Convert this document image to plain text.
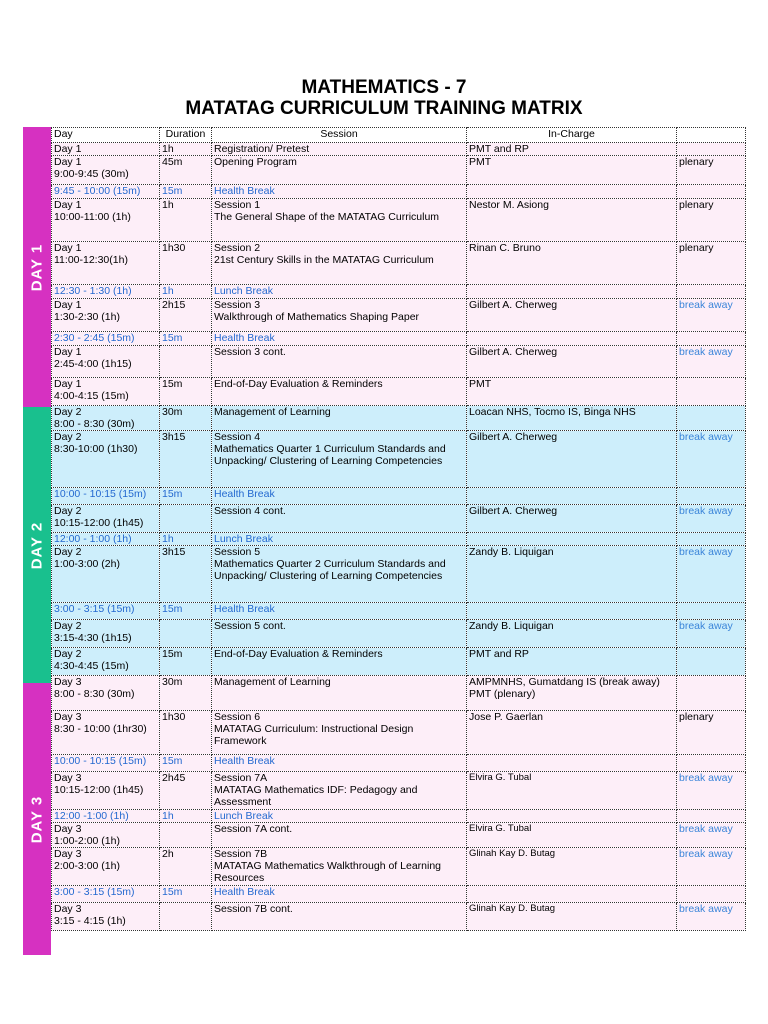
MATHEMATICS - 7
MATATAG CURRICULUM TRAINING MATRIX
DAY 1
DAY 2
DAY 3
Day	Duration	Session	In-Charge	
Day 1	1h	Registration/ Pretest	PMT and RP	
Day 1
9:00-9:45 (30m)	45m	Opening Program	PMT	plenary
9:45 - 10:00 (15m)	15m	Health Break		
Day 1
10:00-11:00 (1h)	1h	Session 1
The General Shape of the MATATAG Curriculum	Nestor M. Asiong	plenary
Day 1
11:00-12:30(1h)	1h30	Session 2
21st Century Skills in the MATATAG Curriculum	Rinan C. Bruno	plenary
12:30 - 1:30 (1h)	1h	Lunch Break		
Day 1
1:30-2:30 (1h)	2h15	Session 3
Walkthrough of Mathematics Shaping Paper	Gilbert A. Cherweg	break away
2:30 - 2:45 (15m)	15m	Health Break		
Day 1
2:45-4:00 (1h15)		Session 3 cont.	Gilbert A. Cherweg	break away
Day 1
4:00-4:15 (15m)	15m	End-of-Day Evaluation & Reminders	PMT	
Day 2
8:00 - 8:30 (30m)	30m	Management of Learning	Loacan NHS, Tocmo IS, Binga NHS	
Day 2
8:30-10:00 (1h30)	3h15	Session 4
Mathematics Quarter 1 Curriculum Standards and Unpacking/ Clustering of Learning Competencies	Gilbert A. Cherweg	break away
10:00 - 10:15 (15m)	15m	Health Break		
Day 2
10:15-12:00 (1h45)		Session 4 cont.	Gilbert A. Cherweg	break away
12:00 - 1:00 (1h)	1h	Lunch Break		
Day 2
1:00-3:00 (2h)	3h15	Session 5
Mathematics Quarter 2 Curriculum Standards and Unpacking/ Clustering of Learning Competencies	Zandy B. Liquigan	break away
3:00 - 3:15 (15m)	15m	Health Break		
Day 2
3:15-4:30 (1h15)		Session 5 cont.	Zandy B. Liquigan	break away
Day 2
4:30-4:45 (15m)	15m	End-of-Day Evaluation & Reminders	PMT and RP	
Day 3
8:00 - 8:30 (30m)	30m	Management of Learning	AMPMNHS, Gumatdang IS (break away)
PMT (plenary)	
Day 3
8:30 - 10:00 (1hr30)	1h30	Session 6
MATATAG Curriculum: Instructional Design Framework	Jose P. Gaerlan	plenary
10:00 - 10:15 (15m)	15m	Health Break		
Day 3
10:15-12:00 (1h45)	2h45	Session 7A
MATATAG Mathematics IDF: Pedagogy and Assessment	Elvira G. Tubal	break away
12:00 -1:00 (1h)	1h	Lunch Break		
Day 3
1:00-2:00 (1h)		Session 7A cont.	Elvira G. Tubal	break away
Day 3
2:00-3:00 (1h)	2h	Session 7B
MATATAG Mathematics Walkthrough of Learning Resources	Glinah Kay D. Butag	break away
3:00 - 3:15 (15m)	15m	Health Break		
Day 3
3:15 - 4:15 (1h)		Session 7B cont.	Glinah Kay D. Butag	break away
